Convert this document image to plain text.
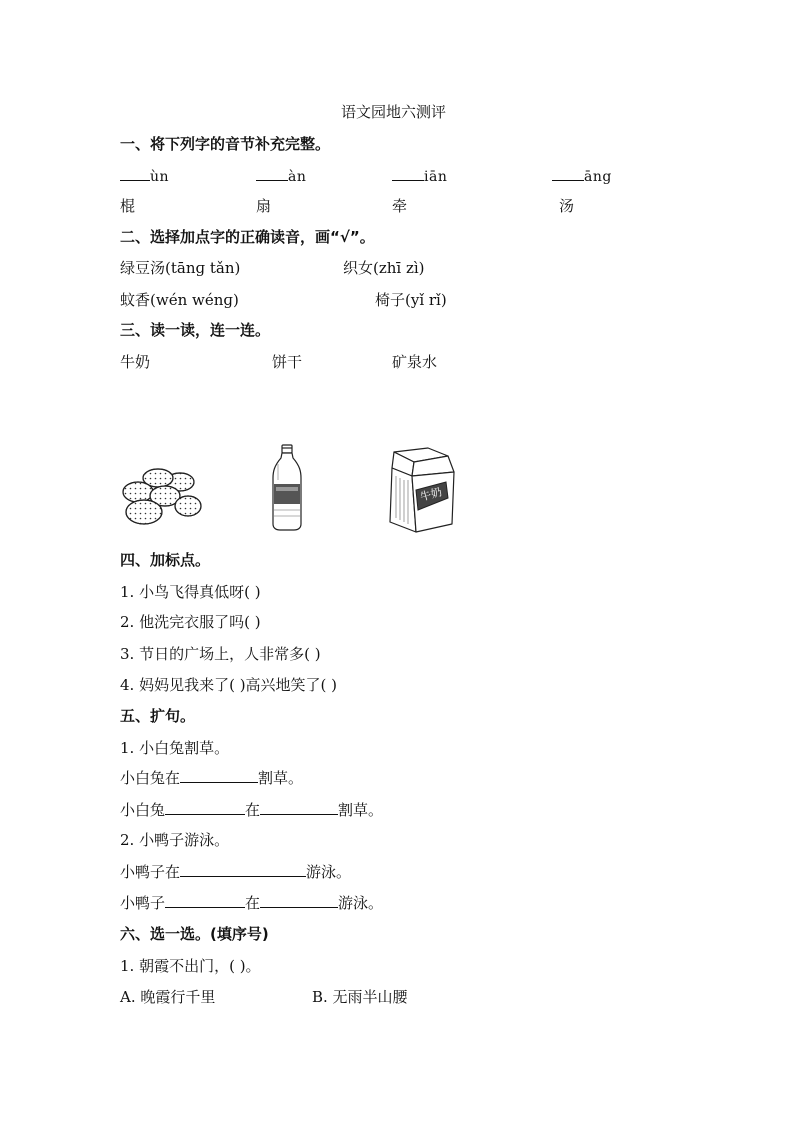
语文园地六测评
一、将下列字的音节补充完整。
ùn	àn	iān	āng
棍	扇	牵	汤
二、选择加点字的正确读音，画“√”。
绿豆汤(tānɡ tǎn)	织女(zhī zì)
蚊香(wén wénɡ)	椅子(yǐ rǐ)
三、读一读，连一连。
牛奶	饼干	矿泉水
牛奶
四、加标点。
1. 小鸟飞得真低呀( )
2. 他洗完衣服了吗( )
3. 节日的广场上，人非常多( )
4. 妈妈见我来了( )高兴地笑了( )
五、扩句。
1. 小白兔割草。
小白兔在	割草。
小白兔	在	割草。
2. 小鸭子游泳。
小鸭子在	游泳。
小鸭子	在	游泳。
六、选一选。(填序号)
1. 朝霞不出门，( )。
A. 晚霞行千里	B. 无雨半山腰
